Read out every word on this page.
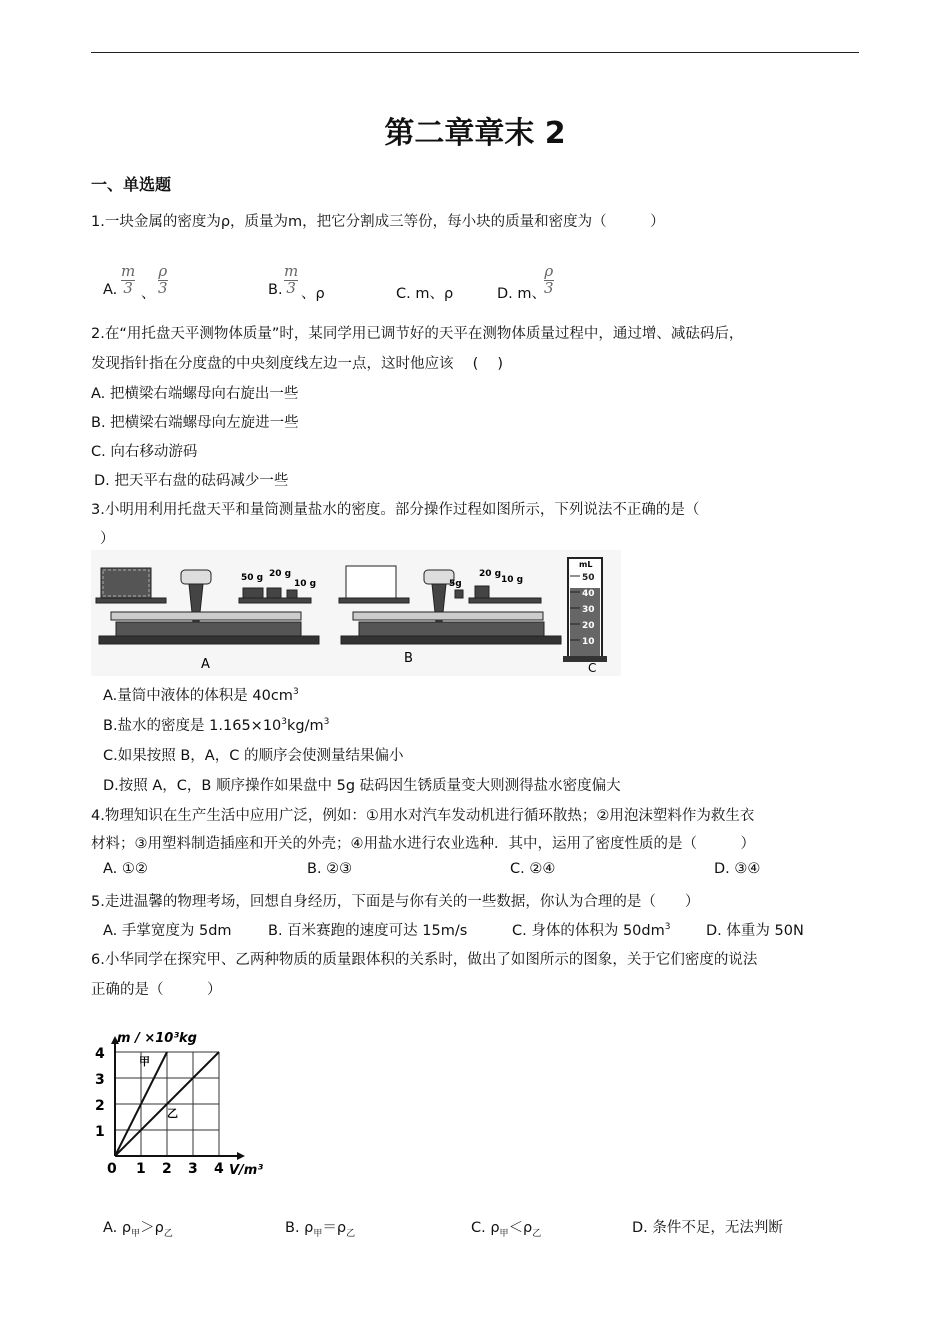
第二章章末 2
一、单选题
1.一块金属的密度为ρ，质量为m，把它分割成三等份，每小块的质量和密度为（　　　）
A. $\frac{m}{3}$ 、 $\frac{\rho}{3}$	B. $\frac{m}{3}$ 、ρ	C. m、ρ	D. m、
$\frac{\rho}{3}$
2.在“用托盘天平测物体质量”时，某同学用已调节好的天平在测物体质量过程中，通过增、减砝码后，
发现指针指在分度盘的中央刻度线左边一点，这时他应该　 (　 )
A. 把横梁右端螺母向右旋出一些
B. 把横梁右端螺母向左旋进一些
C. 向右移动游码
D. 把天平右盘的砝码减少一些
3.小明用利用托盘天平和量筒测量盐水的密度。部分操作过程如图所示，下列说法不正确的是（
）
50 g 20 g
10 g
A
20 g
10 g
5g
B
mL
50
40
30
20
10
C
A.量筒中液体的体积是 $40cm^3$
B.盐水的密度是 $1.165\times 10^3kg/m^3$
C.如果按照 B，A，C 的顺序会使测量结果偏小
D.按照 A，C，B 顺序操作如果盘中 5g 砝码因生锈质量变大则测得盐水密度偏大
4.物理知识在生产生活中应用广泛，例如：①用水对汽车发动机进行循环散热；②用泡沫塑料作为救生衣
材料；③用塑料制造插座和开关的外壳；④用盐水进行农业选种．其中，运用了密度性质的是（　　　）
A. ①②	B. ②③	C. ②④	D. ③④
5.走进温馨的物理考场，回想自身经历，下面是与你有关的一些数据，你认为合理的是（　　）
A. 手掌宽度为 5dm	B. 百米赛跑的速度可达 15m/s	C. 身体的体积为 $50dm^3$ D. 体重为 50N
6.小华同学在探究甲、乙两种物质的质量跟体积的关系时，做出了如图所示的图象，关于它们密度的说法
正确的是（　　　）
0 1 2 3 4
1
2
3
4
m / ×10³kg
V/m³
甲
乙
A. $\rho_甲>\rho_乙$	B. $\rho_甲=\rho_乙$	C. $\rho_甲<\rho_乙$	D. 条件不足，无法判断
